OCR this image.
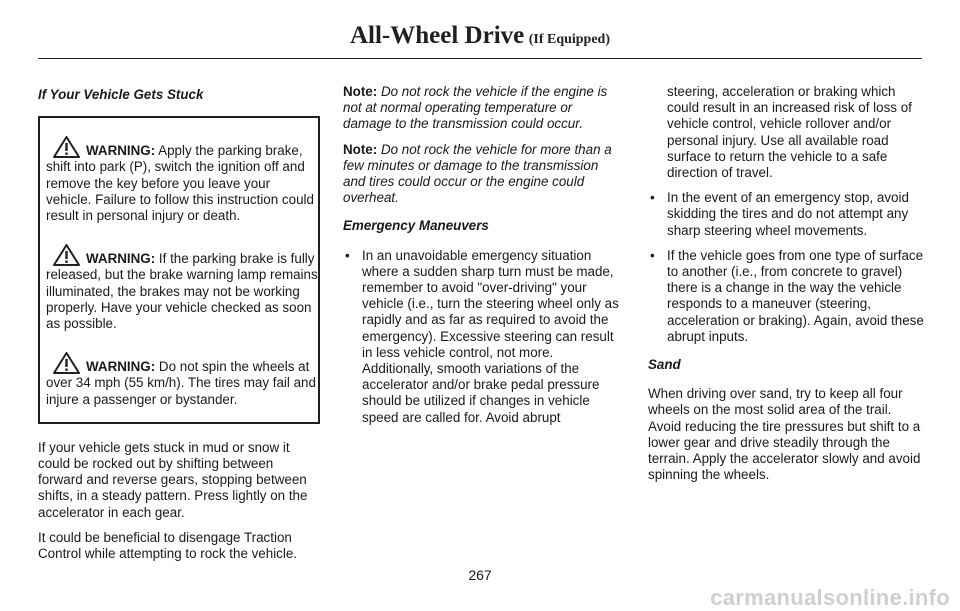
All-Wheel Drive (If Equipped)
If Your Vehicle Gets Stuck
WARNING: Apply the parking brake, shift into park (P), switch the ignition off and remove the key before you leave your vehicle. Failure to follow this instruction could result in personal injury or death.
WARNING: If the parking brake is fully released, but the brake warning lamp remains illuminated, the brakes may not be working properly. Have your vehicle checked as soon as possible.
WARNING: Do not spin the wheels at over 34 mph (55 km/h). The tires may fail and injure a passenger or bystander.

If your vehicle gets stuck in mud or snow it could be rocked out by shifting between forward and reverse gears, stopping between shifts, in a steady pattern. Press lightly on the accelerator in each gear.

It could be beneficial to disengage Traction Control while attempting to rock the vehicle.

Note: Do not rock the vehicle if the engine is not at normal operating temperature or damage to the transmission could occur.

Note: Do not rock the vehicle for more than a few minutes or damage to the transmission and tires could occur or the engine could overheat.

Emergency Maneuvers
• In an unavoidable emergency situation where a sudden sharp turn must be made, remember to avoid "over-driving" your vehicle (i.e., turn the steering wheel only as rapidly and as far as required to avoid the emergency). Excessive steering can result in less vehicle control, not more. Additionally, smooth variations of the accelerator and/or brake pedal pressure should be utilized if changes in vehicle speed are called for. Avoid abrupt
steering, acceleration or braking which could result in an increased risk of loss of vehicle control, vehicle rollover and/or personal injury. Use all available road surface to return the vehicle to a safe direction of travel.
• In the event of an emergency stop, avoid skidding the tires and do not attempt any sharp steering wheel movements.
• If the vehicle goes from one type of surface to another (i.e., from concrete to gravel) there is a change in the way the vehicle responds to a maneuver (steering, acceleration or braking). Again, avoid these abrupt inputs.
Sand

When driving over sand, try to keep all four wheels on the most solid area of the trail. Avoid reducing the tire pressures but shift to a lower gear and drive steadily through the terrain. Apply the accelerator slowly and avoid spinning the wheels.

267
carmanualsonline.info
